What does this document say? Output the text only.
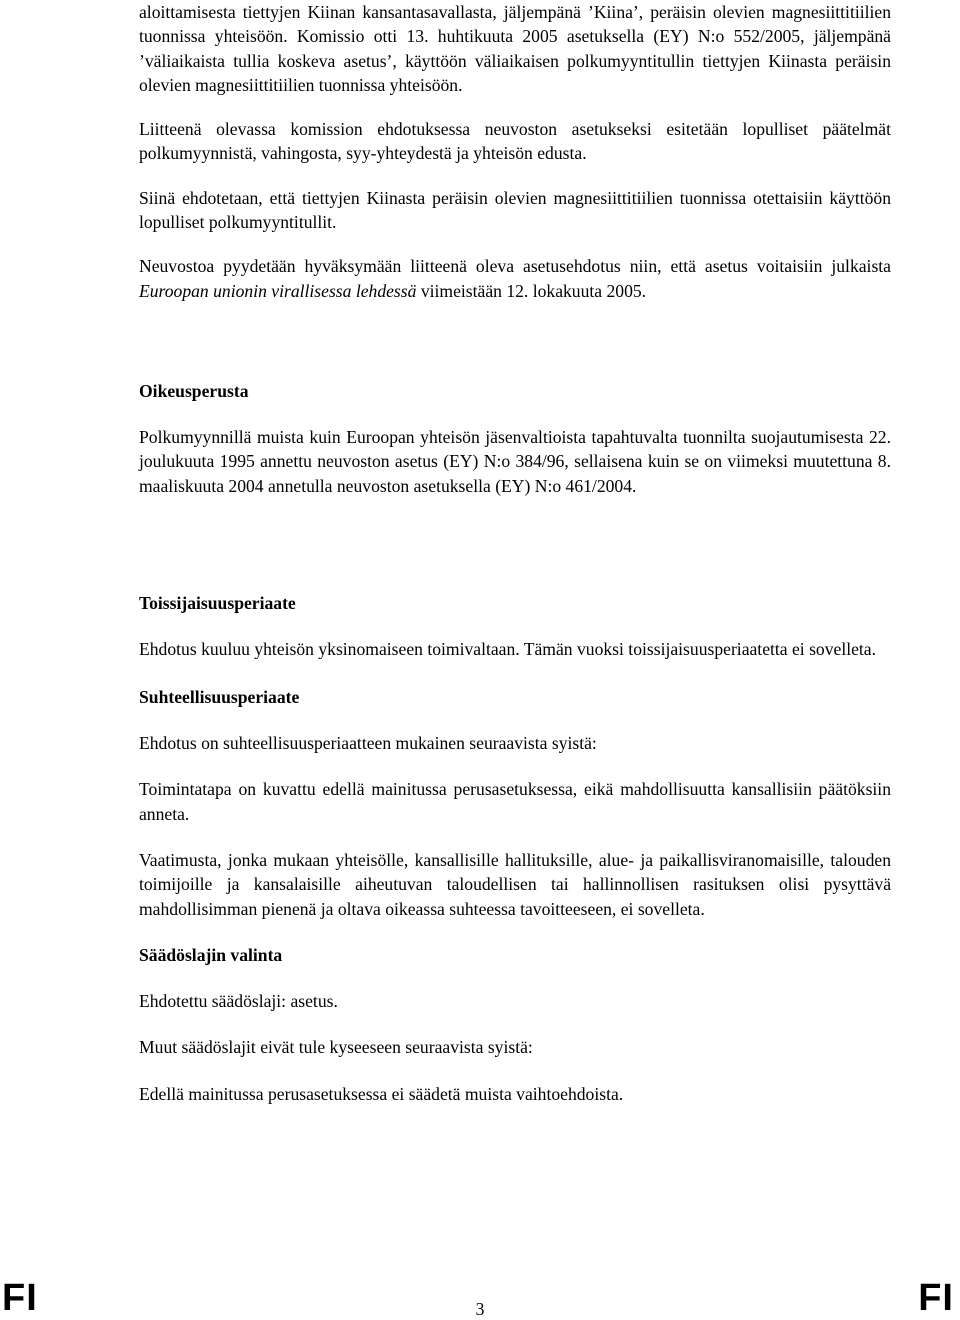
aloittamisesta tiettyjen Kiinan kansantasavallasta, jäljempänä ’Kiina’, peräisin olevien magnesiittitiilien tuonnissa yhteisöön. Komissio otti 13. huhtikuuta 2005 asetuksella (EY) N:o 552/2005, jäljempänä ’väliaikaista tullia koskeva asetus’, käyttöön väliaikaisen polkumyyntitullin tiettyjen Kiinasta peräisin olevien magnesiittitiilien tuonnissa yhteisöön.

Liitteenä olevassa komission ehdotuksessa neuvoston asetukseksi esitetään lopulliset päätelmät polkumyynnistä, vahingosta, syy-yhteydestä ja yhteisön edusta.

Siinä ehdotetaan, että tiettyjen Kiinasta peräisin olevien magnesiittitiilien tuonnissa otettaisiin käyttöön lopulliset polkumyyntitullit.

Neuvostoa pyydetään hyväksymään liitteenä oleva asetusehdotus niin, että asetus voitaisiin julkaista Euroopan unionin virallisessa lehdessä viimeistään 12. lokakuuta 2005.

Oikeusperusta

Polkumyynnillä muista kuin Euroopan yhteisön jäsenvaltioista tapahtuvalta tuonnilta suojautumisesta 22. joulukuuta 1995 annettu neuvoston asetus (EY) N:o 384/96, sellaisena kuin se on viimeksi muutettuna 8. maaliskuuta 2004 annetulla neuvoston asetuksella (EY) N:o 461/2004.

Toissijaisuusperiaate

Ehdotus kuuluu yhteisön yksinomaiseen toimivaltaan. Tämän vuoksi toissijaisuusperiaatetta ei sovelleta.

Suhteellisuusperiaate

Ehdotus on suhteellisuusperiaatteen mukainen seuraavista syistä:

Toimintatapa on kuvattu edellä mainitussa perusasetuksessa, eikä mahdollisuutta kansallisiin päätöksiin anneta.

Vaatimusta, jonka mukaan yhteisölle, kansallisille hallituksille, alue- ja paikallisviranomaisille, talouden toimijoille ja kansalaisille aiheutuvan taloudellisen tai hallinnollisen rasituksen olisi pysyttävä mahdollisimman pienenä ja oltava oikeassa suhteessa tavoitteeseen, ei sovelleta.

Säädöslajin valinta

Ehdotettu säädöslaji: asetus.

Muut säädöslajit eivät tule kyseeseen seuraavista syistä:

Edellä mainitussa perusasetuksessa ei säädetä muista vaihtoehdoista.

FI	3	FI
